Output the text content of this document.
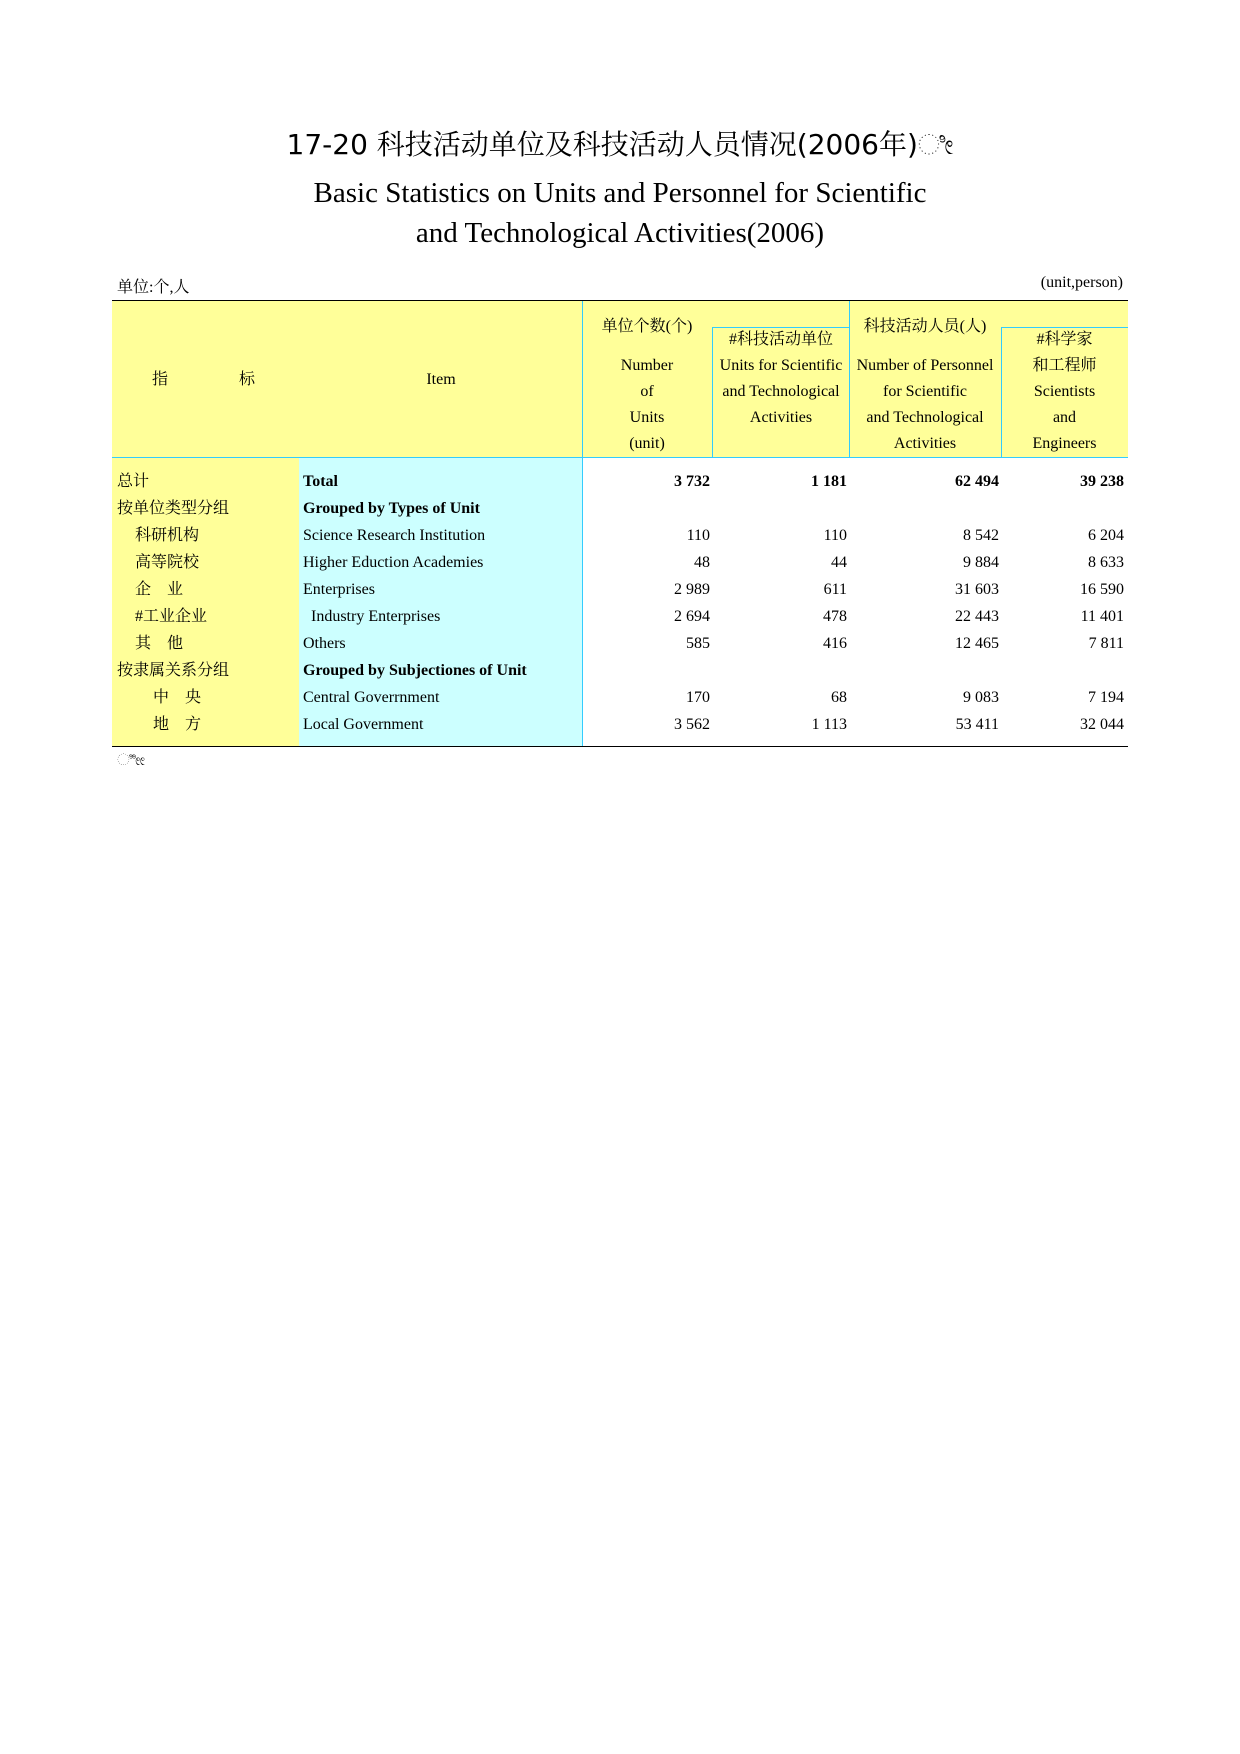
17-20 科技活动单位及科技活动人员情况(2006年)ೀ
Basic Statistics on Units and Personnel for Scientific
and Technological Activities(2006)
单位:个,人	(unit,person)
指	标	Item
单位个数(个)
Number
of
Units
(unit)
#科技活动单位
Units for Scientific
and Technological
Activities
科技活动人员(人)
Number of Personnel
for Scientific
and Technological
Activities
#科学家
和工程师
Scientists
and
Engineers
总计	Total	3 732	1 181	62 494	39 238
按单位类型分组	Grouped by Types of Unit
科研机构	Science Research Institution	110	110	8 542	6 204
高等院校	Higher Eduction Academies	48	44	9 884	8 633
企　业	Enterprises	2 989	611	31 603	16 590
#工业企业	Industry Enterprises	2 694	478	22 443	11 401
其　他	Others	585	416	12 465	7 811
按隶属关系分组	Grouped by Subjectiones of Unit
中　央	Central Goverrnment	170	68	9 083	7 194
地　方	Local Government	3 562	1 113	53 411	32 044
ೀೀ
